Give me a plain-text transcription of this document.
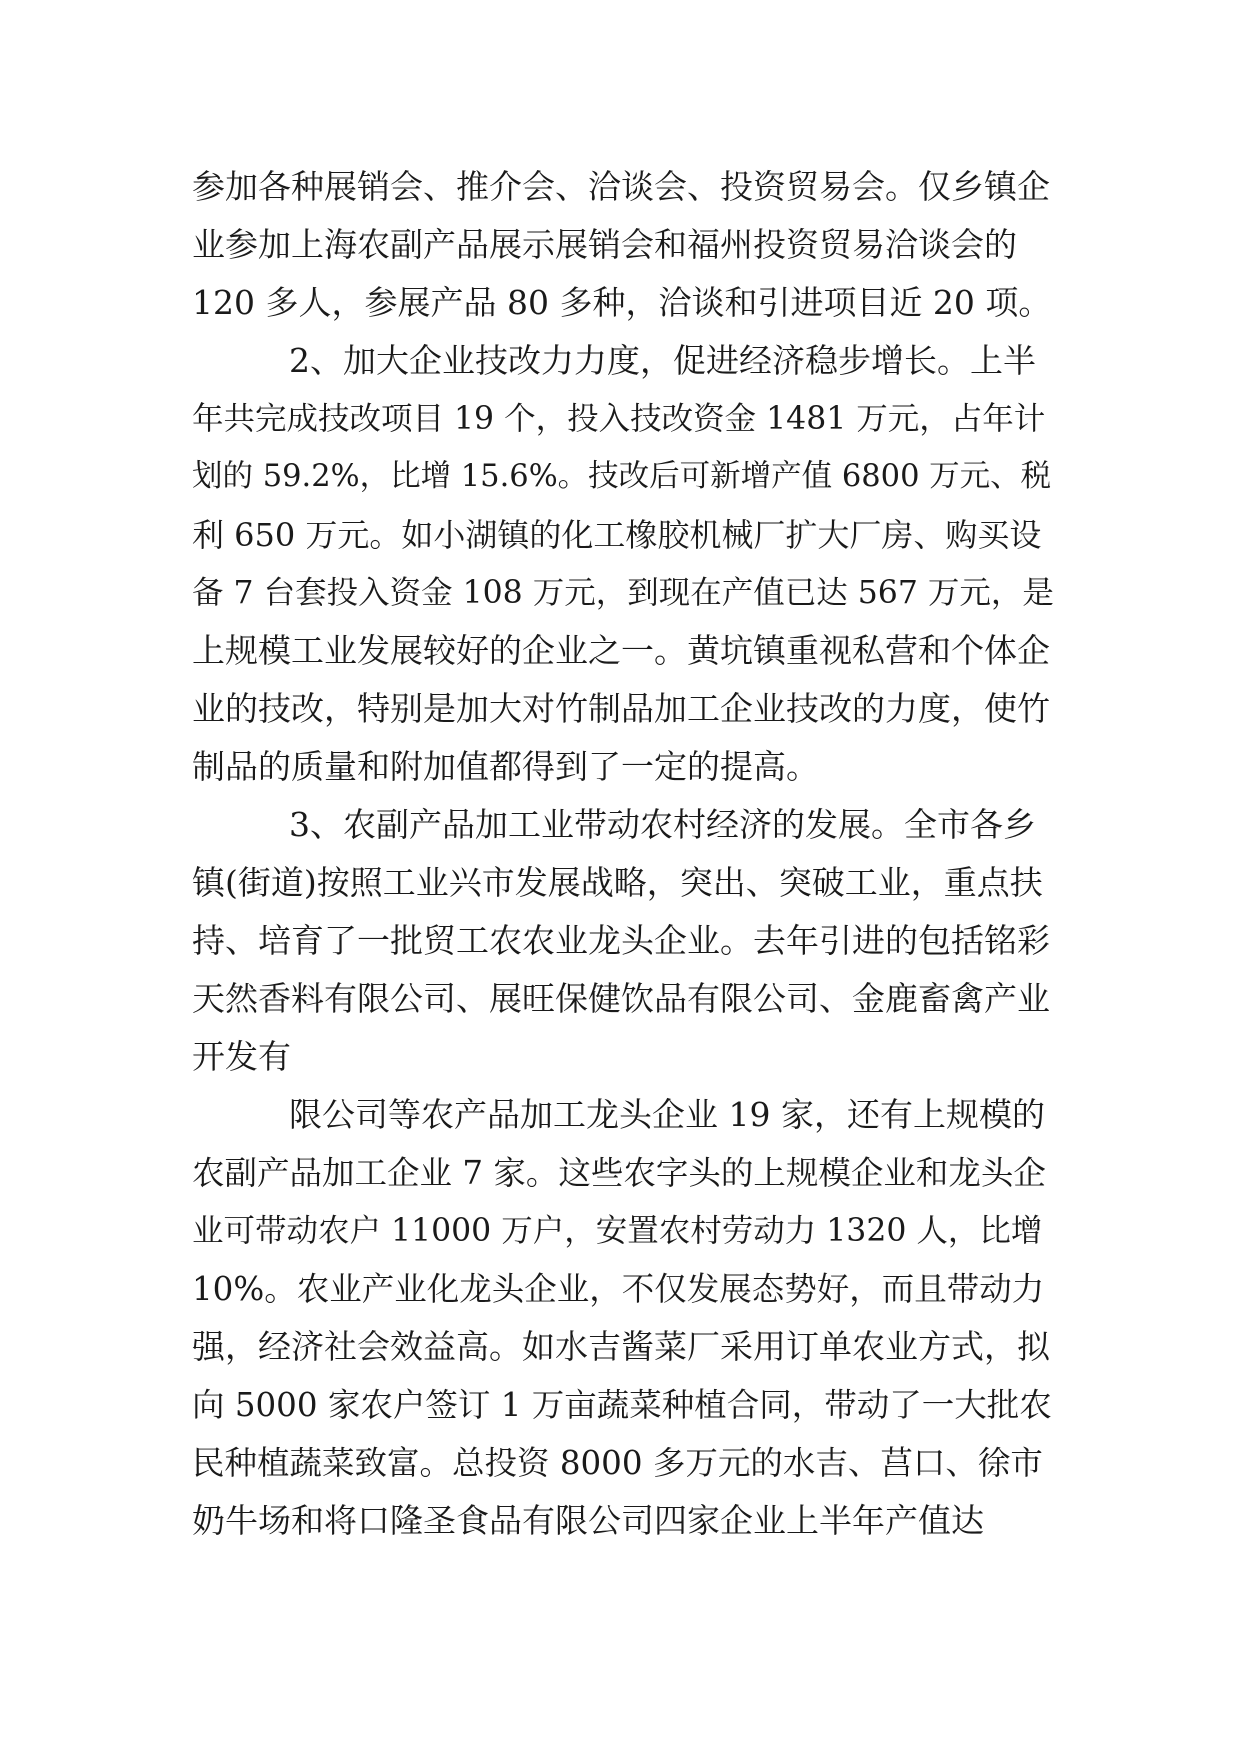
参加各种展销会、推介会、洽谈会、投资贸易会。仅乡镇企
业参加上海农副产品展示展销会和福州投资贸易洽谈会的
120 多人，参展产品 80 多种，洽谈和引进项目近 20 项。
2、加大企业技改力力度，促进经济稳步增长。上半
年共完成技改项目 19 个，投入技改资金 1481 万元，占年计
划的 59.2%，比增 15.6%。技改后可新增产值 6800 万元、税
利 650 万元。如小湖镇的化工橡胶机械厂扩大厂房、购买设
备 7 台套投入资金 108 万元，到现在产值已达 567 万元，是
上规模工业发展较好的企业之一。黄坑镇重视私营和个体企
业的技改，特别是加大对竹制品加工企业技改的力度，使竹
制品的质量和附加值都得到了一定的提高。
3、农副产品加工业带动农村经济的发展。全市各乡
镇(街道)按照工业兴市发展战略，突出、突破工业，重点扶
持、培育了一批贸工农农业龙头企业。去年引进的包括铭彩
天然香料有限公司、展旺保健饮品有限公司、金鹿畜禽产业
开发有
限公司等农产品加工龙头企业 19 家，还有上规模的
农副产品加工企业 7 家。这些农字头的上规模企业和龙头企
业可带动农户 11000 万户，安置农村劳动力 1320 人，比增
10%。农业产业化龙头企业，不仅发展态势好，而且带动力
强，经济社会效益高。如水吉酱菜厂采用订单农业方式，拟
向 5000 家农户签订 1 万亩蔬菜种植合同，带动了一大批农
民种植蔬菜致富。总投资 8000 多万元的水吉、莒口、徐市
奶牛场和将口隆圣食品有限公司四家企业上半年产值达
